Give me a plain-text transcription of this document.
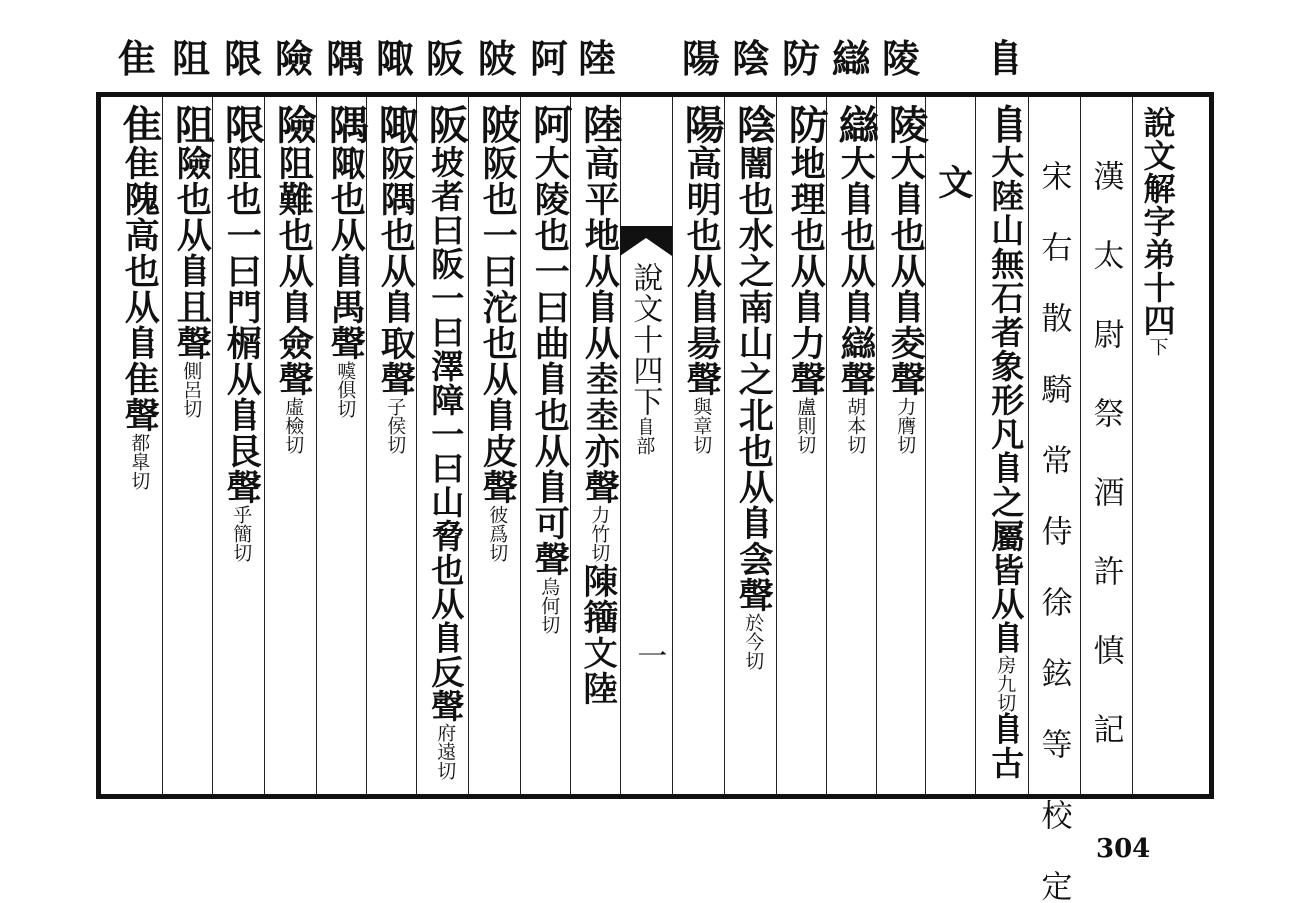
隹 阻 限 險 隅 陬 阪 陂 阿 陸 陽 陰 防 䜌 陵 𨸏
說文解字弟十四下
漢 太 尉 祭 酒 許 慎 記
宋 右 散 騎 常 侍 徐 鉉 等 校 定
𨸏大陸山無石者象形凡𨸏之屬皆从𨸏房九切𨸏古
文
陵大𨸏也从𨸏夌聲力膺切
䜌大𨸏也从𨸏䜌聲胡本切
防地理也从𨸏力聲盧則切
陰闇也水之南山之北也从𨸏侌聲於今切
陽高明也从𨸏昜聲與章切
說文十四下𨸏部
一
陸高平地从𨸏从坴坴亦聲力竹切𨻰籒文陸
阿大陵也一曰曲𨸏也从𨸏可聲烏何切
陂阪也一曰沱也从𨸏皮聲彼爲切
阪坡者曰阪一曰澤障一曰山脅也从𨸏反聲府遠切
陬阪隅也从𨸏取聲子侯切
隅陬也从𨸏禺聲噳俱切
險阻難也从𨸏僉聲虛檢切
限阻也一曰門榍从𨸏艮聲乎簡切
阻險也从𨸏且聲側呂切
隹隹隗高也从𨸏隹聲都皐切
304
